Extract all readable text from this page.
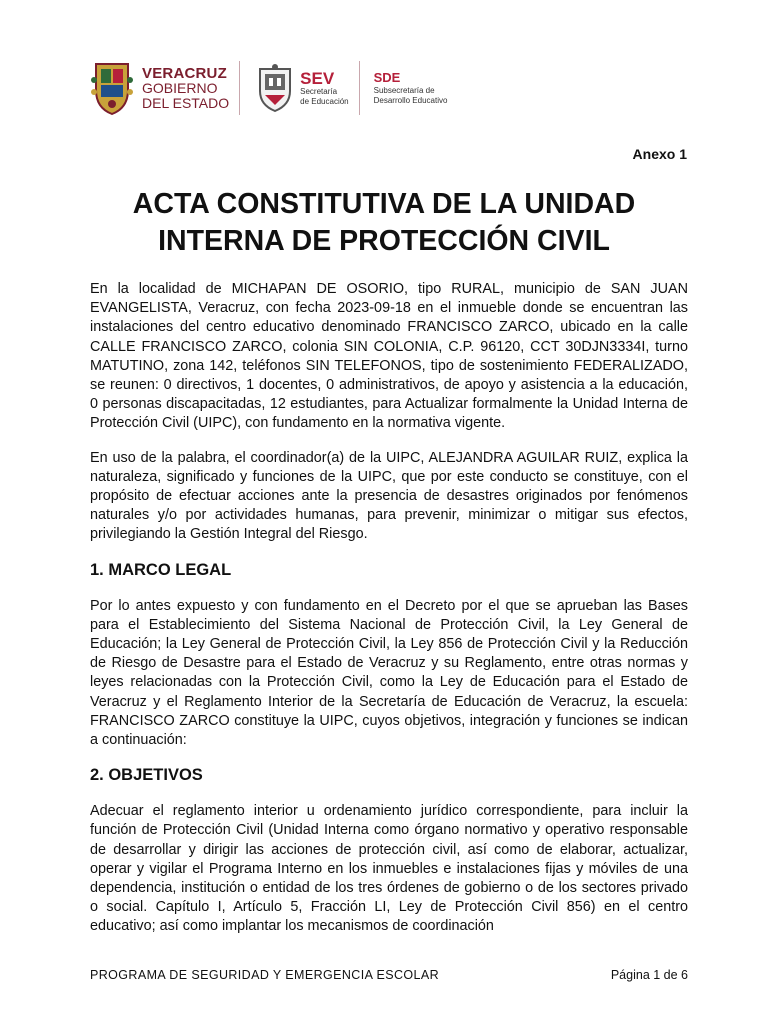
VERACRUZ
GOBIERNO
DEL ESTADO
SEV
Secretaría
de Educación
SDE
Subsecretaría de
Desarrollo Educativo
Anexo 1
ACTA CONSTITUTIVA DE LA UNIDAD
INTERNA DE PROTECCIÓN CIVIL

En la localidad de MICHAPAN DE OSORIO, tipo RURAL, municipio de SAN JUAN EVANGELISTA, Veracruz, con fecha 2023-09-18 en el inmueble donde se encuentran las instalaciones del centro educativo denominado FRANCISCO ZARCO, ubicado en la calle CALLE FRANCISCO ZARCO, colonia SIN COLONIA, C.P. 96120, CCT 30DJN3334I, turno MATUTINO, zona 142, teléfonos SIN TELEFONOS, tipo de sostenimiento FEDERALIZADO, se reunen: 0 directivos, 1 docentes, 0 administrativos, de apoyo y asistencia a la educación, 0 personas discapacitadas, 12 estudiantes, para Actualizar formalmente la Unidad Interna de Protección Civil (UIPC), con fundamento en la normativa vigente.

En uso de la palabra, el coordinador(a) de la UIPC, ALEJANDRA AGUILAR RUIZ, explica la naturaleza, significado y funciones de la UIPC, que por este conducto se constituye, con el propósito de efectuar acciones ante la presencia de desastres originados por fenómenos naturales y/o por actividades humanas, para prevenir, minimizar o mitigar sus efectos, privilegiando la Gestión Integral del Riesgo.

1. MARCO LEGAL

Por lo antes expuesto y con fundamento en el Decreto por el que se aprueban las Bases para el Establecimiento del Sistema Nacional de Protección Civil, la Ley General de Educación; la Ley General de Protección Civil, la Ley 856 de Protección Civil y la Reducción de Riesgo de Desastre para el Estado de Veracruz y su Reglamento, entre otras normas y leyes relacionadas con la Protección Civil, como la Ley de Educación para el Estado de Veracruz y el Reglamento Interior de la Secretaría de Educación de Veracruz, la escuela: FRANCISCO ZARCO constituye la UIPC, cuyos objetivos, integración y funciones se indican a continuación:

2. OBJETIVOS

Adecuar el reglamento interior u ordenamiento jurídico correspondiente, para incluir la función de Protección Civil (Unidad Interna como órgano normativo y operativo responsable de desarrollar y dirigir las acciones de protección civil, así como de elaborar, actualizar, operar y vigilar el Programa Interno en los inmuebles e instalaciones fijas y móviles de una dependencia, institución o entidad de los tres órdenes de gobierno o de los sectores privado o social. Capítulo I, Artículo 5, Fracción LI, Ley de Protección Civil 856) en el centro educativo; así como implantar los mecanismos de coordinación

PROGRAMA DE SEGURIDAD Y EMERGENCIA ESCOLAR	Página 1 de 6
